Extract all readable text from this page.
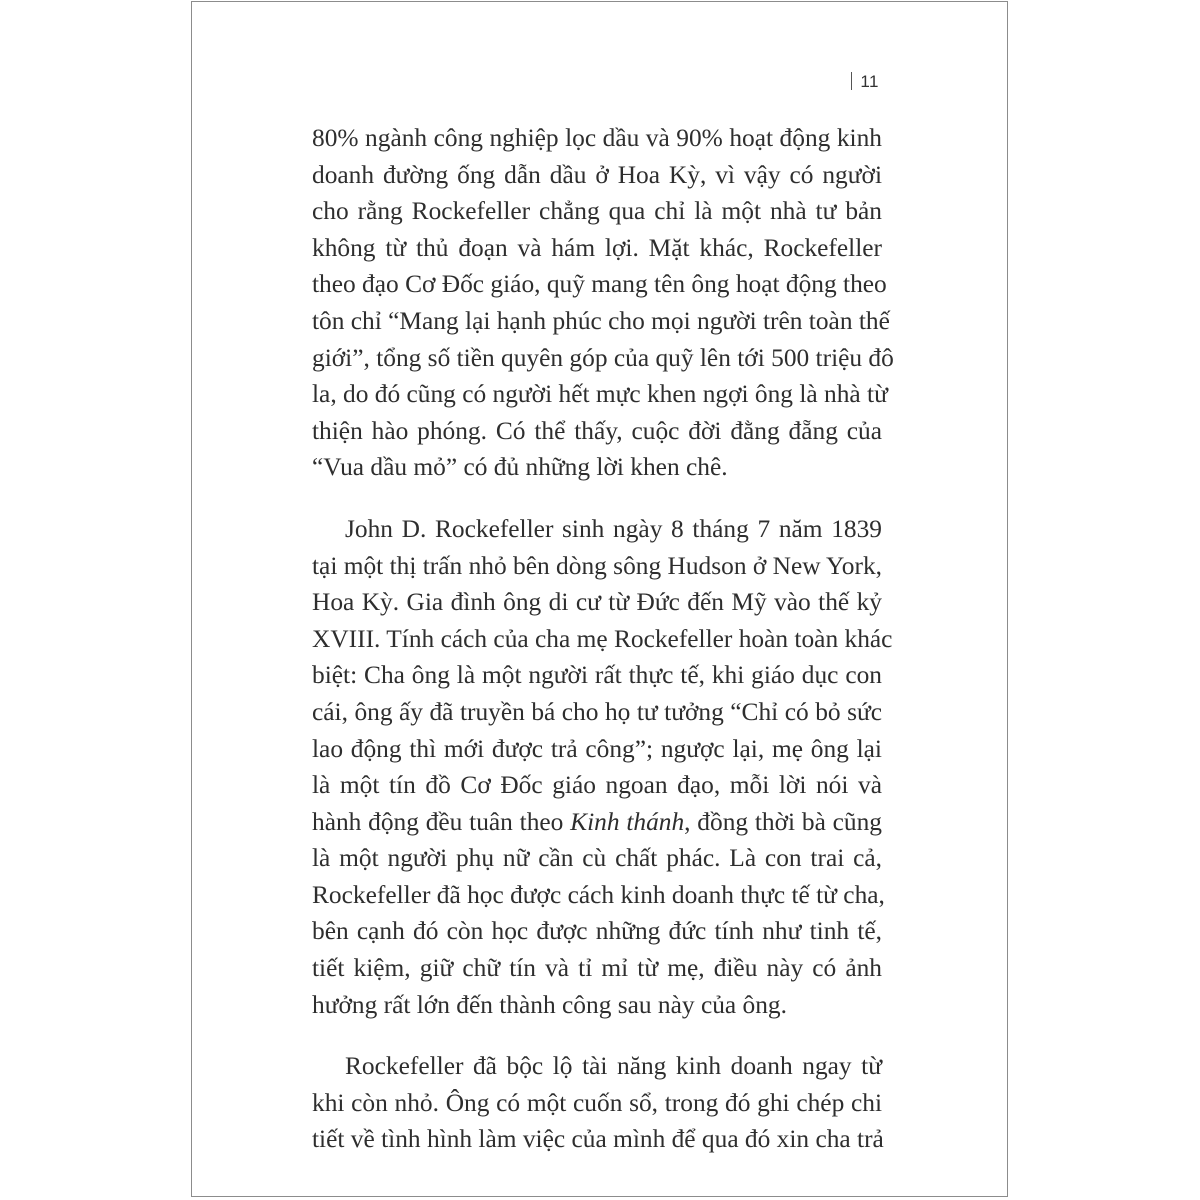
11
80% ngành công nghiệp lọc dầu và 90% hoạt động kinh
doanh đường ống dẫn dầu ở Hoa Kỳ, vì vậy có người
cho rằng Rockefeller chẳng qua chỉ là một nhà tư bản
không từ thủ đoạn và hám lợi. Mặt khác, Rockefeller
theo đạo Cơ Đốc giáo, quỹ mang tên ông hoạt động theo
tôn chỉ “Mang lại hạnh phúc cho mọi người trên toàn thế
giới”, tổng số tiền quyên góp của quỹ lên tới 500 triệu đô
la, do đó cũng có người hết mực khen ngợi ông là nhà từ
thiện hào phóng. Có thể thấy, cuộc đời đằng đẵng của
“Vua dầu mỏ” có đủ những lời khen chê.
John D. Rockefeller sinh ngày 8 tháng 7 năm 1839
tại một thị trấn nhỏ bên dòng sông Hudson ở New York,
Hoa Kỳ. Gia đình ông di cư từ Đức đến Mỹ vào thế kỷ
XVIII. Tính cách của cha mẹ Rockefeller hoàn toàn khác
biệt: Cha ông là một người rất thực tế, khi giáo dục con
cái, ông ấy đã truyền bá cho họ tư tưởng “Chỉ có bỏ sức
lao động thì mới được trả công”; ngược lại, mẹ ông lại
là một tín đồ Cơ Đốc giáo ngoan đạo, mỗi lời nói và
hành động đều tuân theo Kinh thánh, đồng thời bà cũng
là một người phụ nữ cần cù chất phác. Là con trai cả,
Rockefeller đã học được cách kinh doanh thực tế từ cha,
bên cạnh đó còn học được những đức tính như tinh tế,
tiết kiệm, giữ chữ tín và tỉ mỉ từ mẹ, điều này có ảnh
hưởng rất lớn đến thành công sau này của ông.
Rockefeller đã bộc lộ tài năng kinh doanh ngay từ
khi còn nhỏ. Ông có một cuốn sổ, trong đó ghi chép chi
tiết về tình hình làm việc của mình để qua đó xin cha trả
